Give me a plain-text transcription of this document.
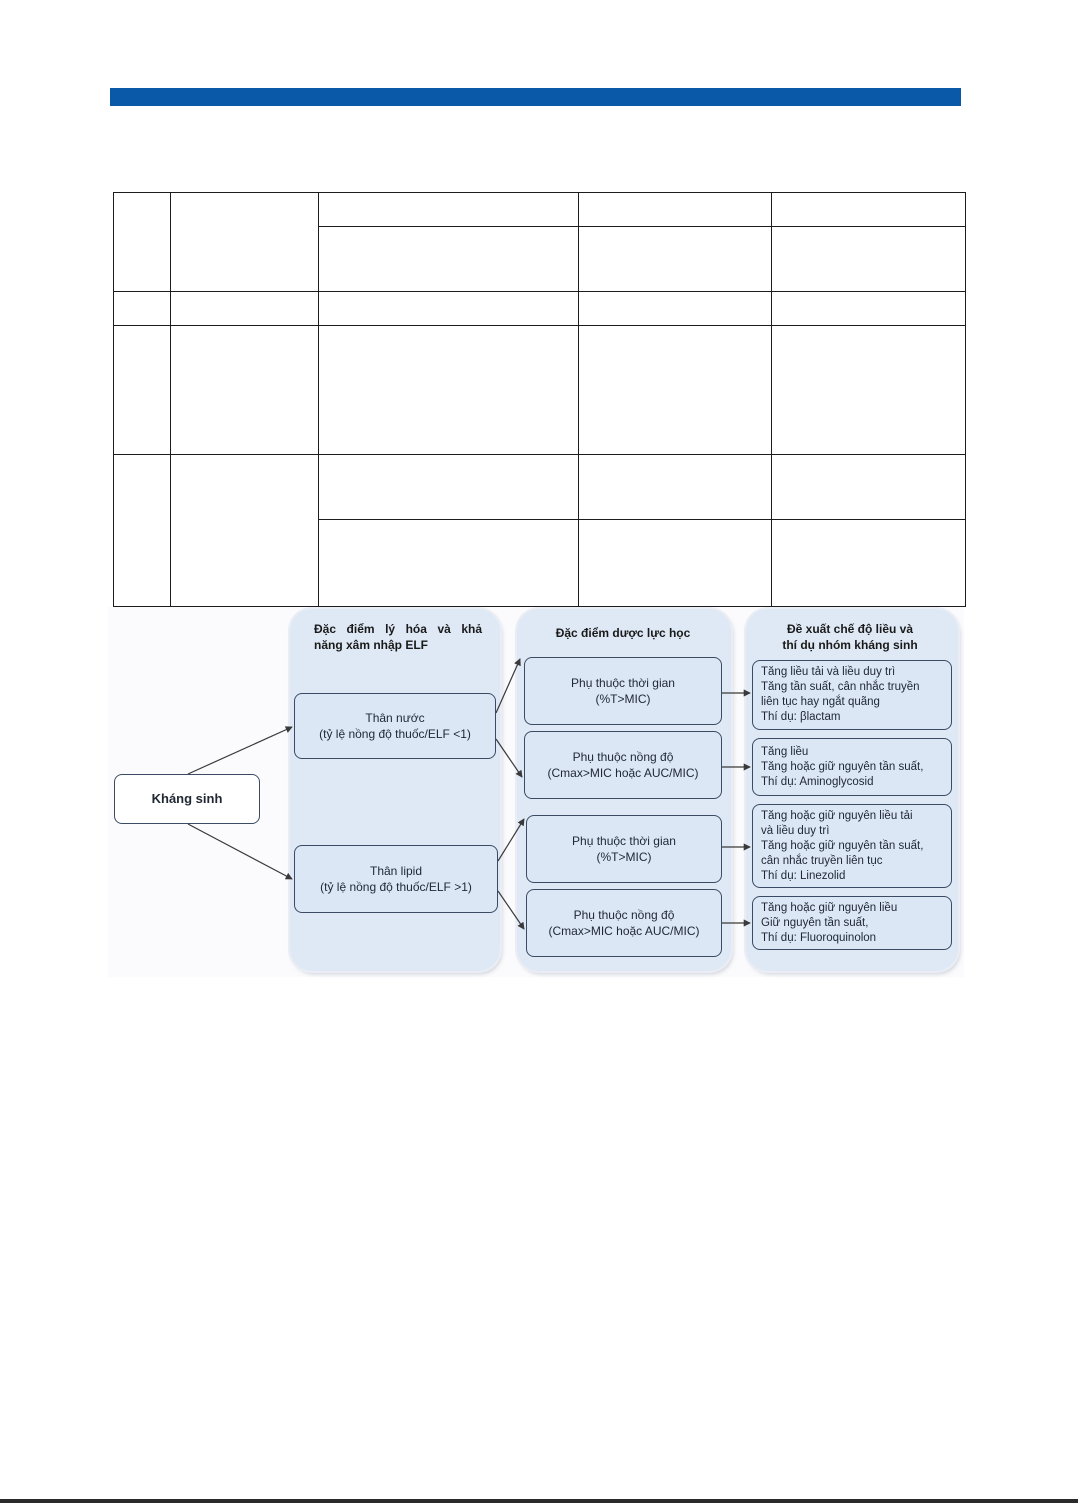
Đặc điểm lý hóa và khả
năng xâm nhập ELF
Đặc điểm dược lực học	Đề xuất chế độ liều và
thí dụ nhóm kháng sinh
Kháng sinh
Thân nước
(tỷ lệ nồng độ thuốc/ELF <1)
Thân lipid
(tỷ lệ nồng độ thuốc/ELF >1)
Phụ thuộc thời gian
(%T>MIC)
Phụ thuộc nồng độ
(Cmax>MIC hoặc AUC/MIC)
Phụ thuộc thời gian
(%T>MIC)
Phụ thuộc nồng độ
(Cmax>MIC hoặc AUC/MIC)
Tăng liều tải và liều duy trì
Tăng tần suất, cân nhắc truyền
liên tục hay ngắt quãng
Thí dụ: βlactam
Tăng liều
Tăng hoặc giữ nguyên tần suất,
Thí dụ: Aminoglycosid
Tăng hoặc giữ nguyên liều tải
và liều duy trì
Tăng hoặc giữ nguyên tần suất,
cân nhắc truyền liên tục
Thí dụ: Linezolid
Tăng hoặc giữ nguyên liều
Giữ nguyên tần suất,
Thí dụ: Fluoroquinolon
